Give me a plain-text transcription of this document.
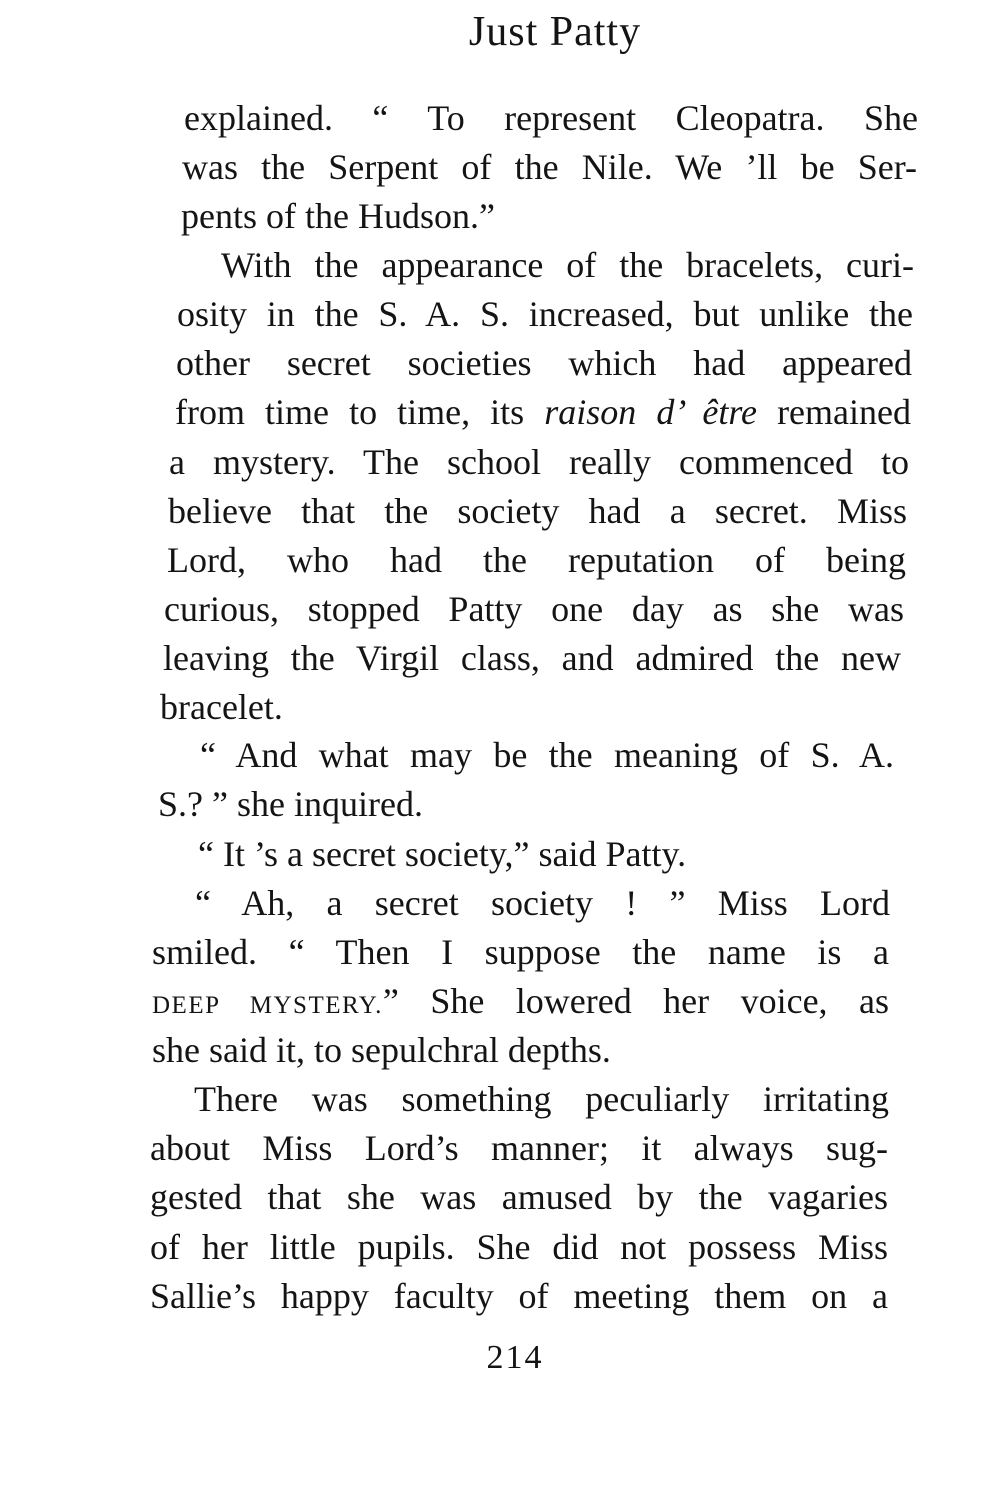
Just Patty
explained. “ To represent Cleopatra. She
was the Serpent of the Nile. We ’ll be Ser-
pents of the Hudson.”
With the appearance of the bracelets, curi-
osity in the S. A. S. increased, but unlike the
other secret societies which had appeared
from time to time, its raison d’ être remained
a mystery. The school really commenced to
believe that the society had a secret. Miss
Lord, who had the reputation of being
curious, stopped Patty one day as she was
leaving the Virgil class, and admired the new
bracelet.
“ And what may be the meaning of S. A.
S.? ” she inquired.
“ It ’s a secret society,” said Patty.
“ Ah, a secret society ! ” Miss Lord
smiled. “ Then I suppose the name is a
DEEP MYSTERY.” She lowered her voice, as
she said it, to sepulchral depths.
There was something peculiarly irritating
about Miss Lord’s manner; it always sug-
gested that she was amused by the vagaries
of her little pupils. She did not possess Miss
Sallie’s happy faculty of meeting them on a
214
